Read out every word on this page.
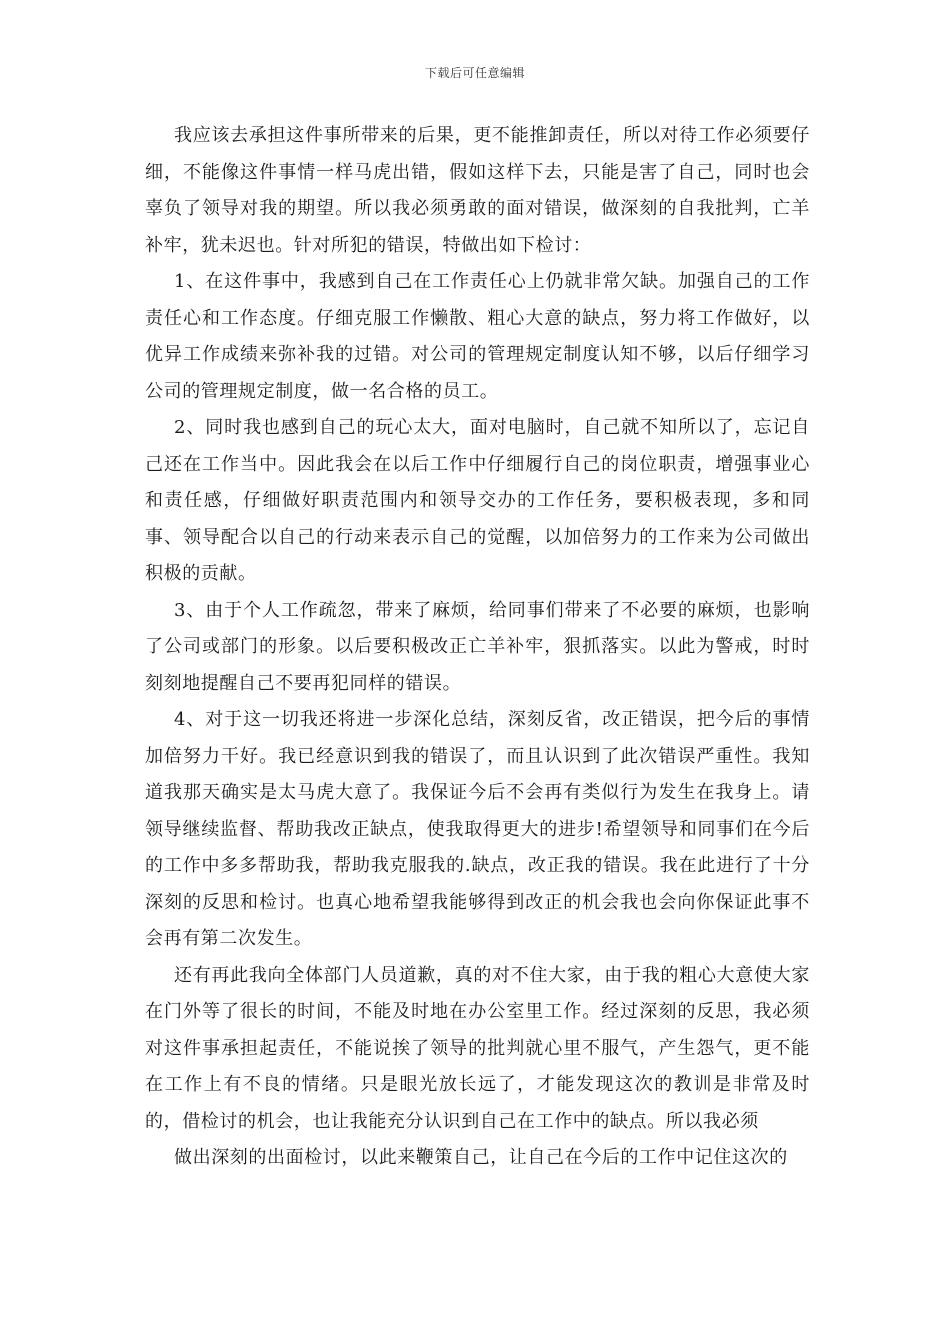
下载后可任意编辑

我应该去承担这件事所带来的后果，更不能推卸责任，所以对待工作必须要仔细，不能像这件事情一样马虎出错，假如这样下去，只能是害了自己，同时也会辜负了领导对我的期望。所以我必须勇敢的面对错误，做深刻的自我批判，亡羊补牢，犹未迟也。针对所犯的错误，特做出如下检讨：

1、在这件事中，我感到自己在工作责任心上仍就非常欠缺。加强自己的工作责任心和工作态度。仔细克服工作懒散、粗心大意的缺点，努力将工作做好，以优异工作成绩来弥补我的过错。对公司的管理规定制度认知不够，以后仔细学习公司的管理规定制度，做一名合格的员工。

2、同时我也感到自己的玩心太大，面对电脑时，自己就不知所以了，忘记自己还在工作当中。因此我会在以后工作中仔细履行自己的岗位职责，增强事业心和责任感，仔细做好职责范围内和领导交办的工作任务，要积极表现，多和同事、领导配合以自己的行动来表示自己的觉醒，以加倍努力的工作来为公司做出积极的贡献。

3、由于个人工作疏忽，带来了麻烦，给同事们带来了不必要的麻烦，也影响了公司或部门的形象。以后要积极改正亡羊补牢，狠抓落实。以此为警戒，时时刻刻地提醒自己不要再犯同样的错误。

4、对于这一切我还将进一步深化总结，深刻反省，改正错误，把今后的事情加倍努力干好。我已经意识到我的错误了，而且认识到了此次错误严重性。我知道我那天确实是太马虎大意了。我保证今后不会再有类似行为发生在我身上。请领导继续监督、帮助我改正缺点，使我取得更大的进步!希望领导和同事们在今后的工作中多多帮助我，帮助我克服我的.缺点，改正我的错误。我在此进行了十分深刻的反思和检讨。也真心地希望我能够得到改正的机会我也会向你保证此事不会再有第二次发生。

还有再此我向全体部门人员道歉，真的对不住大家，由于我的粗心大意使大家在门外等了很长的时间，不能及时地在办公室里工作。经过深刻的反思，我必须对这件事承担起责任，不能说挨了领导的批判就心里不服气，产生怨气，更不能在工作上有不良的情绪。只是眼光放长远了，才能发现这次的教训是非常及时的，借检讨的机会，也让我能充分认识到自己在工作中的缺点。所以我必须

做出深刻的出面检讨，以此来鞭策自己，让自己在今后的工作中记住这次的
